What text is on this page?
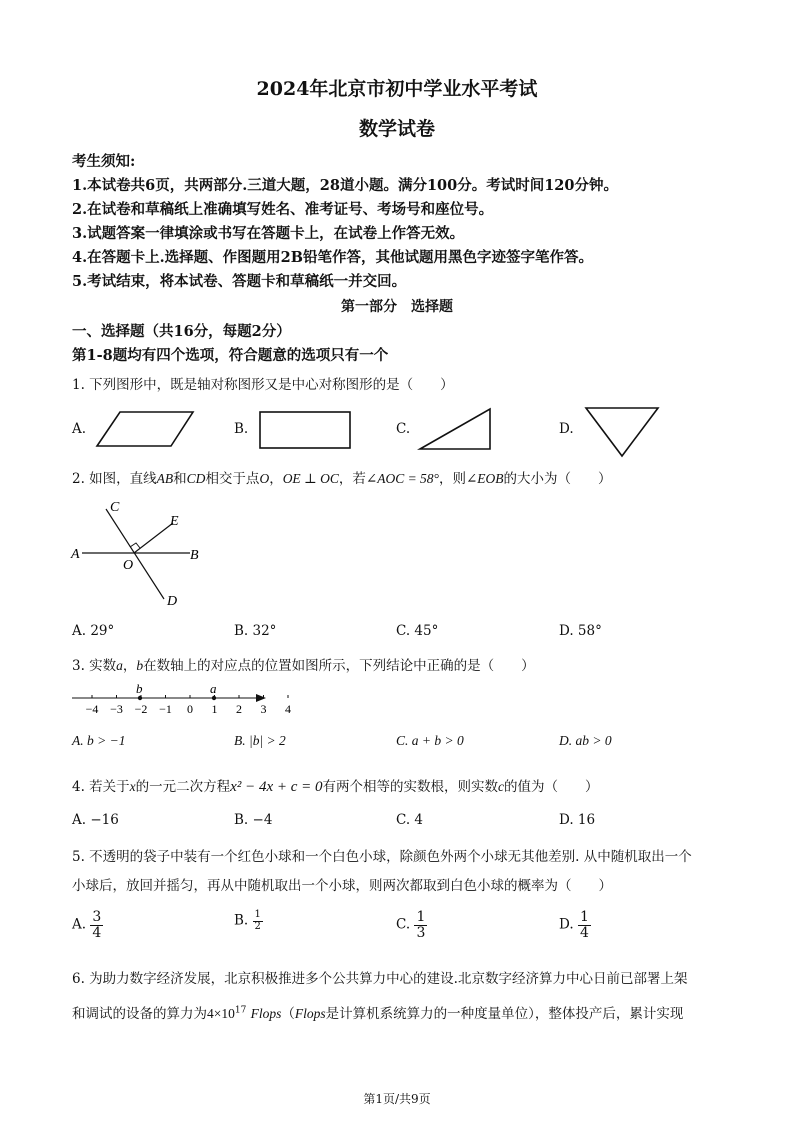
2024年北京市初中学业水平考试
数学试卷
考生须知:
1.本试卷共6页，共两部分.三道大题，28道小题。满分100分。考试时间120分钟。
2.在试卷和草稿纸上准确填写姓名、准考证号、考场号和座位号。
3.试题答案一律填涂或书写在答题卡上，在试卷上作答无效。
4.在答题卡上.选择题、作图题用2B铅笔作答，其他试题用黑色字迹签字笔作答。
5.考试结束，将本试卷、答题卡和草稿纸一并交回。
第一部分　选择题
一、选择题（共16分，每题2分）
第1-8题均有四个选项，符合题意的选项只有一个
1. 下列图形中，既是轴对称图形又是中心对称图形的是（　　）
A.	B.	C.	D.
2. 如图，直线AB和CD相交于点O，OE ⊥ OC，若∠AOC = 58°，则∠EOB的大小为（　　）
C
E
A	B
O
D
A. 29°	B. 32°	C. 45°	D. 58°
3. 实数a，b在数轴上的对应点的位置如图所示，下列结论中正确的是（　　）
−4 −3 −2 −1 0 1 2 3 4
b	a
A. b > −1	B. |b| > 2	C. a + b > 0	D. ab > 0
4. 若关于x的一元二次方程x² − 4x + c = 0有两个相等的实数根，则实数c的值为（　　）
A. −16	B. −4	C. 4	D. 16
5. 不透明的袋子中装有一个红色小球和一个白色小球，除颜色外两个小球无其他差别. 从中随机取出一个
小球后，放回并摇匀，再从中随机取出一个小球，则两次都取到白色小球的概率为（　　）
A. $\frac{3}{4}$	B. $\frac{1}{2}$	C. $\frac{1}{3}$	D. $\frac{1}{4}$
6. 为助力数字经济发展，北京积极推进多个公共算力中心的建设.北京数字经济算力中心日前已部署上架
和调试的设备的算力为$4\times 10^{17}$ Flops（Flops是计算机系统算力的一种度量单位），整体投产后，累计实现
第1页/共9页
